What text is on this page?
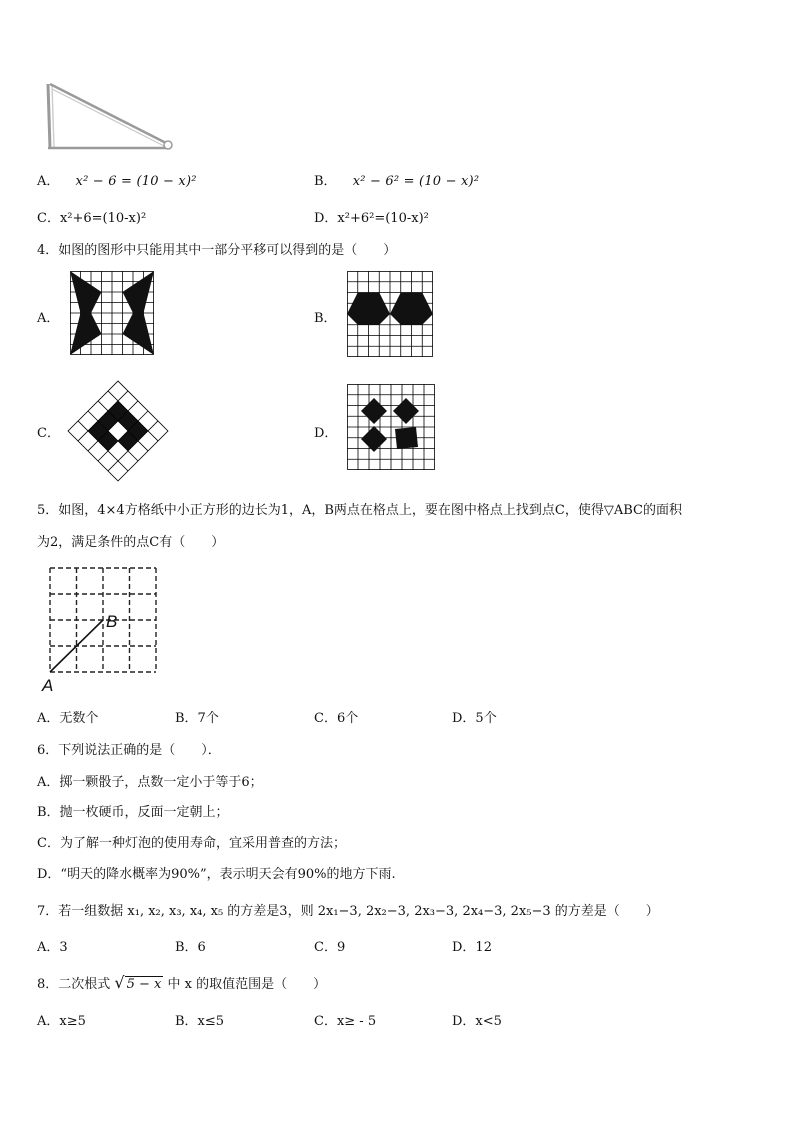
A． x² − 6 = (10 − x)²	B． x² − 6² = (10 − x)²
C．x²+6=(10-x)²	D．x²+6²=(10-x)²
4．如图的图形中只能用其中一部分平移可以得到的是（　　）
A．	B．
C．	D．
5．如图，4×4方格纸中小正方形的边长为1，A，B两点在格点上，要在图中格点上找到点C，使得▽ABC的面积
为2，满足条件的点C有（　　）
A
B
A．无数个	B．7个	C．6个	D．5个
6．下列说法正确的是（　　）．
A．掷一颗骰子，点数一定小于等于6；
B．抛一枚硬币，反面一定朝上；
C．为了解一种灯泡的使用寿命，宜采用普查的方法；
D．“明天的降水概率为90%”，表示明天会有90%的地方下雨.
7．若一组数据 x₁, x₂, x₃, x₄, x₅ 的方差是3，则 2x₁−3, 2x₂−3, 2x₃−3, 2x₄−3, 2x₅−3 的方差是（　　）
A．3	B．6	C．9	D．12
8．二次根式 √ 5 − x 中 x 的取值范围是（　　）
A．x≥5	B．x≤5	C．x≥ - 5	D．x<5
